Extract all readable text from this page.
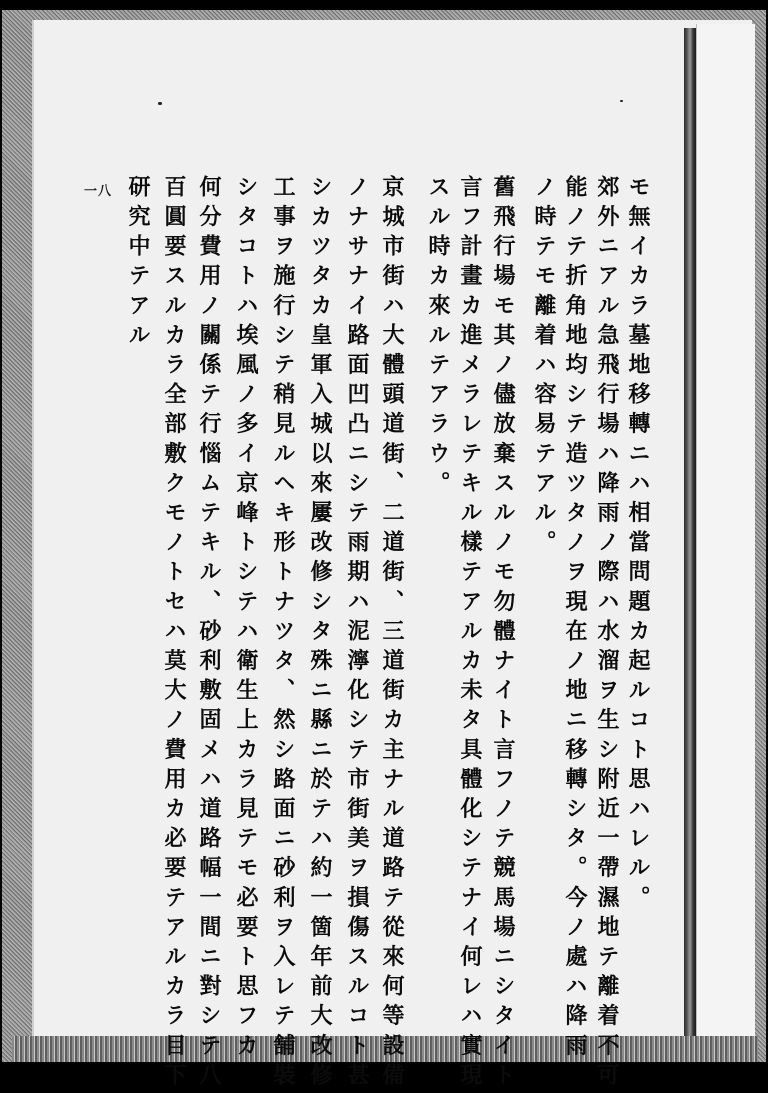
モ無イカラ墓地移轉ニハ相當問題カ起ルコト思ハレル。
郊外ニアル急飛行場ハ降雨ノ際ハ水溜ヲ生シ附近一帶濕地テ離着不可
能ノテ折角地均シテ造ツタノヲ現在ノ地ニ移轉シタ。今ノ處ハ降雨
ノ時テモ離着ハ容易テアル。
舊飛行場モ其ノ儘放棄スルノモ勿體ナイト言フノテ競馬場ニシタイト
言フ計畫カ進メラレテキル樣テアルカ未タ具體化シテナイ何レハ實現
スル時カ來ルテアラウ。
京城市街ハ大體頭道街、二道街、三道街カ主ナル道路テ從來何等設備
ノナサナイ路面凹凸ニシテ雨期ハ泥濘化シテ市街美ヲ損傷スルコト甚
シカツタカ皇軍入城以來屢改修シタ殊ニ縣ニ於テハ約一箇年前大改修
工事ヲ施行シテ稍見ルヘキ形トナツタ、然シ路面ニ砂利ヲ入レテ舗裝
シタコトハ埃風ノ多イ京峰トシテハ衛生上カラ見テモ必要ト思フカ
何分費用ノ關係テ行惱ムテキル、砂利敷固メハ道路幅一間ニ對シテ八
百圓要スルカラ全部敷クモノトセハ莫大ノ費用カ必要テアルカラ目下
研究中テアル
一八
